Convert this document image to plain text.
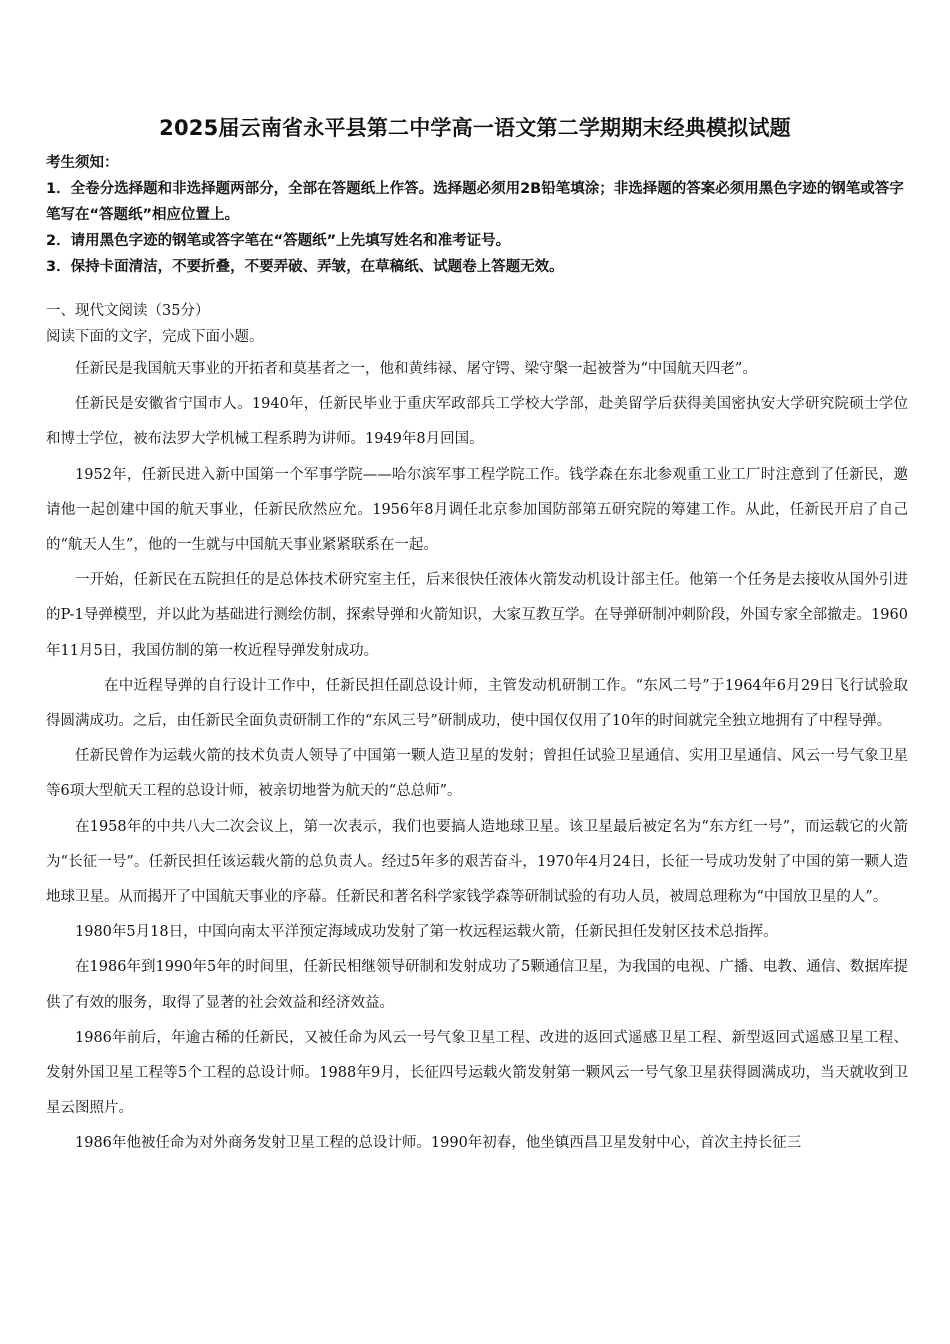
2025届云南省永平县第二中学高一语文第二学期期末经典模拟试题

考生须知：

1．全卷分选择题和非选择题两部分，全部在答题纸上作答。选择题必须用2B铅笔填涂；非选择题的答案必须用黑色字迹的钢笔或答字笔写在“答题纸”相应位置上。

2．请用黑色字迹的钢笔或答字笔在“答题纸”上先填写姓名和准考证号。

3．保持卡面清洁，不要折叠，不要弄破、弄皱，在草稿纸、试题卷上答题无效。

一、现代文阅读（35分）

阅读下面的文字，完成下面小题。

任新民是我国航天事业的开拓者和莫基者之一，他和黄纬禄、屠守锷、梁守槃一起被誉为“中国航天四老”。

任新民是安徽省宁国市人。1940年，任新民毕业于重庆军政部兵工学校大学部，赴美留学后获得美国密执安大学研究院硕士学位和博士学位，被布法罗大学机械工程系聘为讲师。1949年8月回国。

1952年，任新民进入新中国第一个军事学院——哈尔滨军事工程学院工作。钱学森在东北参观重工业工厂时注意到了任新民，邀请他一起创建中国的航天事业，任新民欣然应允。1956年8月调任北京参加国防部第五研究院的筹建工作。从此，任新民开启了自己的“航天人生”，他的一生就与中国航天事业紧紧联系在一起。

一开始，任新民在五院担任的是总体技术研究室主任，后来很快任液体火箭发动机设计部主任。他第一个任务是去接收从国外引进的P-1导弹模型，并以此为基础进行测绘仿制，探索导弹和火箭知识，大家互教互学。在导弹研制冲刺阶段，外国专家全部撤走。1960年11月5日，我国仿制的第一枚近程导弹发射成功。

在中近程导弹的自行设计工作中，任新民担任副总设计师，主管发动机研制工作。“东风二号”于1964年6月29日飞行试验取得圆满成功。之后，由任新民全面负责研制工作的“东风三号”研制成功，使中国仅仅用了10年的时间就完全独立地拥有了中程导弹。

任新民曾作为运载火箭的技术负责人领导了中国第一颗人造卫星的发射；曾担任试验卫星通信、实用卫星通信、风云一号气象卫星等6项大型航天工程的总设计师，被亲切地誉为航天的“总总师”。

在1958年的中共八大二次会议上，第一次表示，我们也要搞人造地球卫星。该卫星最后被定名为“东方红一号”，而运载它的火箭为“长征一号”。任新民担任该运载火箭的总负责人。经过5年多的艰苦奋斗，1970年4月24日，长征一号成功发射了中国的第一颗人造地球卫星。从而揭开了中国航天事业的序幕。任新民和著名科学家钱学森等研制试验的有功人员，被周总理称为“中国放卫星的人”。

1980年5月18日，中国向南太平洋预定海域成功发射了第一枚远程运载火箭，任新民担任发射区技术总指挥。

在1986年到1990年5年的时间里，任新民相继领导研制和发射成功了5颗通信卫星，为我国的电视、广播、电教、通信、数据库提供了有效的服务，取得了显著的社会效益和经济效益。

1986年前后，年逾古稀的任新民，又被任命为风云一号气象卫星工程、改进的返回式遥感卫星工程、新型返回式遥感卫星工程、发射外国卫星工程等5个工程的总设计师。1988年9月，长征四号运载火箭发射第一颗风云一号气象卫星获得圆满成功，当天就收到卫星云图照片。

1986年他被任命为对外商务发射卫星工程的总设计师。1990年初春，他坐镇西昌卫星发射中心，首次主持长征三
